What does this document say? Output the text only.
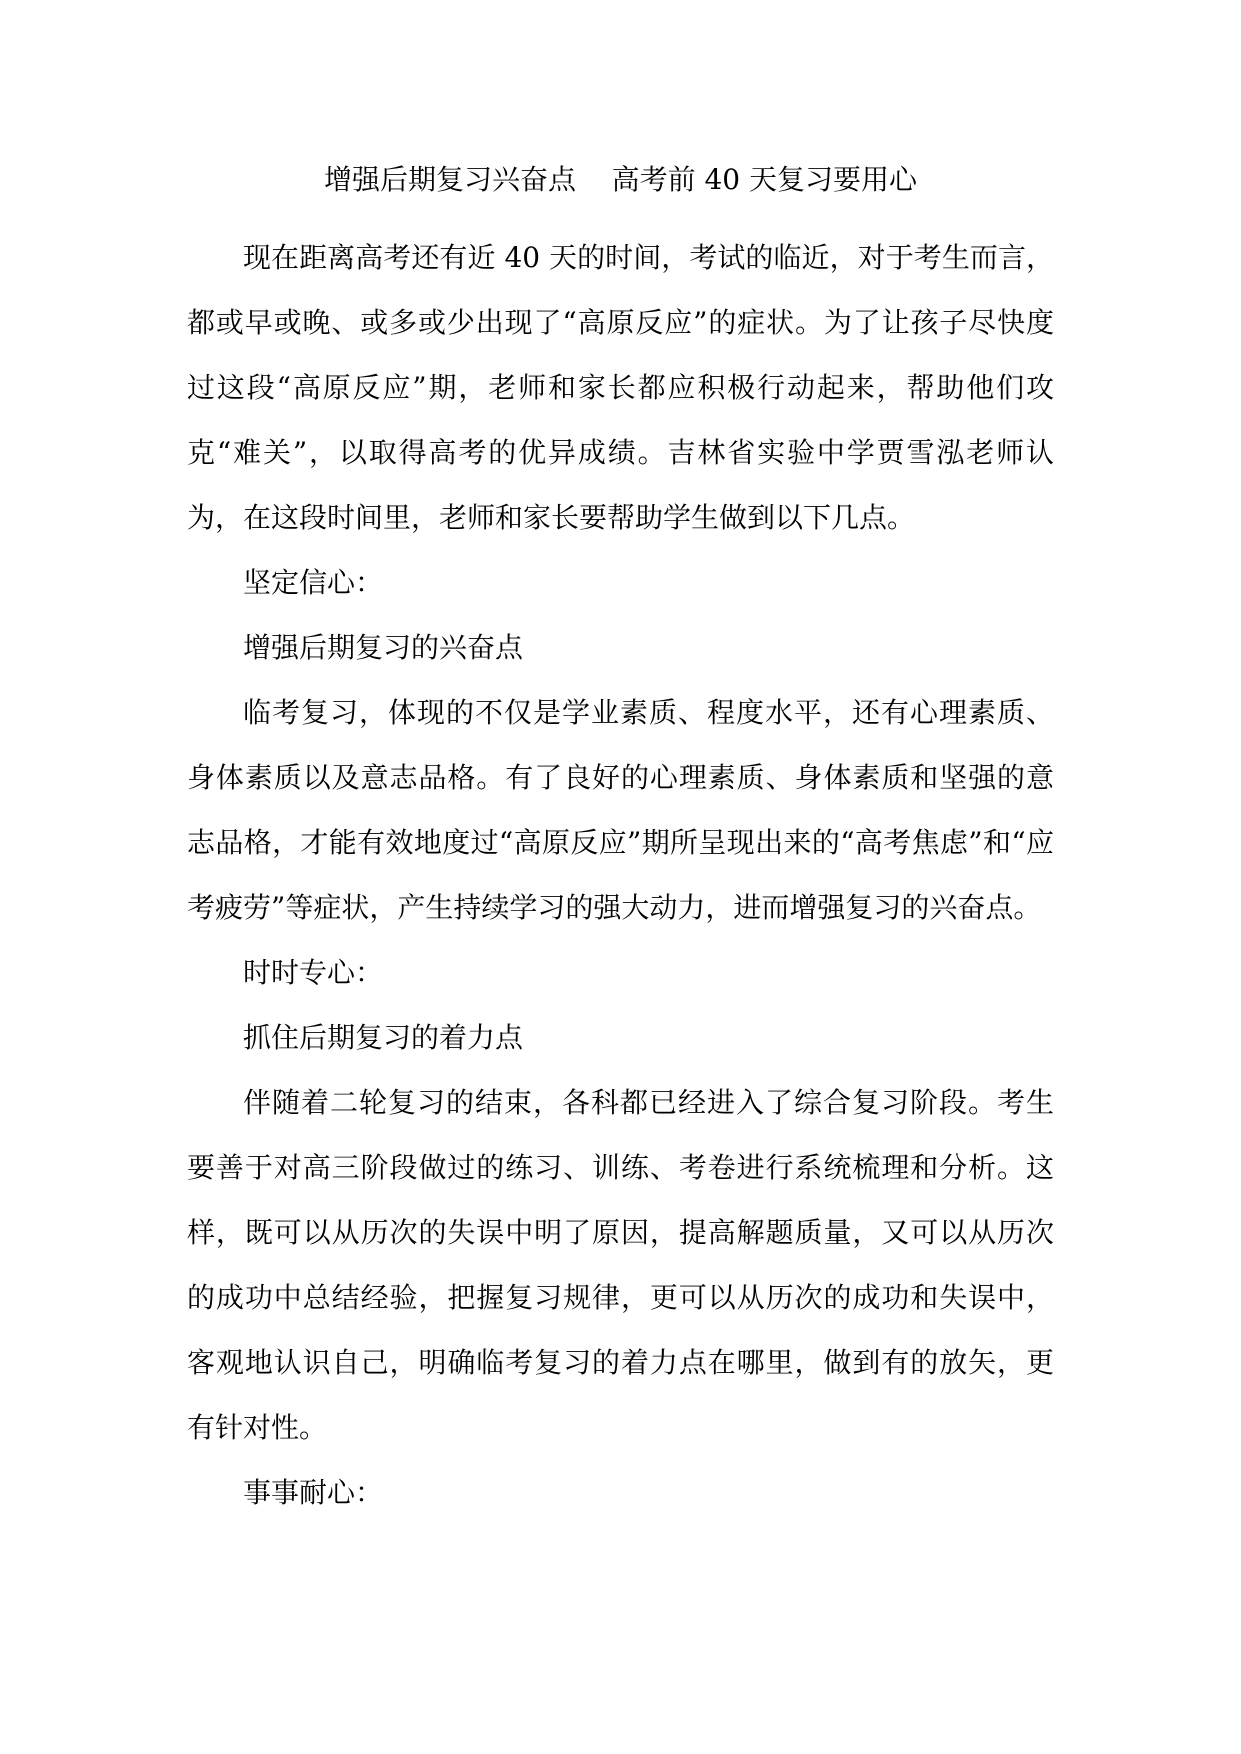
增强后期复习兴奋点    高考前 40 天复习要用心

现在距离高考还有近 40 天的时间，考试的临近，对于考生而言，都或早或晚、或多或少出现了“高原反应”的症状。为了让孩子尽快度过这段“高原反应”期，老师和家长都应积极行动起来，帮助他们攻克“难关”，以取得高考的优异成绩。吉林省实验中学贾雪泓老师认为，在这段时间里，老师和家长要帮助学生做到以下几点。

坚定信心：

增强后期复习的兴奋点

临考复习，体现的不仅是学业素质、程度水平，还有心理素质、身体素质以及意志品格。有了良好的心理素质、身体素质和坚强的意志品格，才能有效地度过“高原反应”期所呈现出来的“高考焦虑”和“应考疲劳”等症状，产生持续学习的强大动力，进而增强复习的兴奋点。

时时专心：

抓住后期复习的着力点

伴随着二轮复习的结束，各科都已经进入了综合复习阶段。考生要善于对高三阶段做过的练习、训练、考卷进行系统梳理和分析。这样，既可以从历次的失误中明了原因，提高解题质量，又可以从历次的成功中总结经验，把握复习规律，更可以从历次的成功和失误中，客观地认识自己，明确临考复习的着力点在哪里，做到有的放矢，更有针对性。

事事耐心：
